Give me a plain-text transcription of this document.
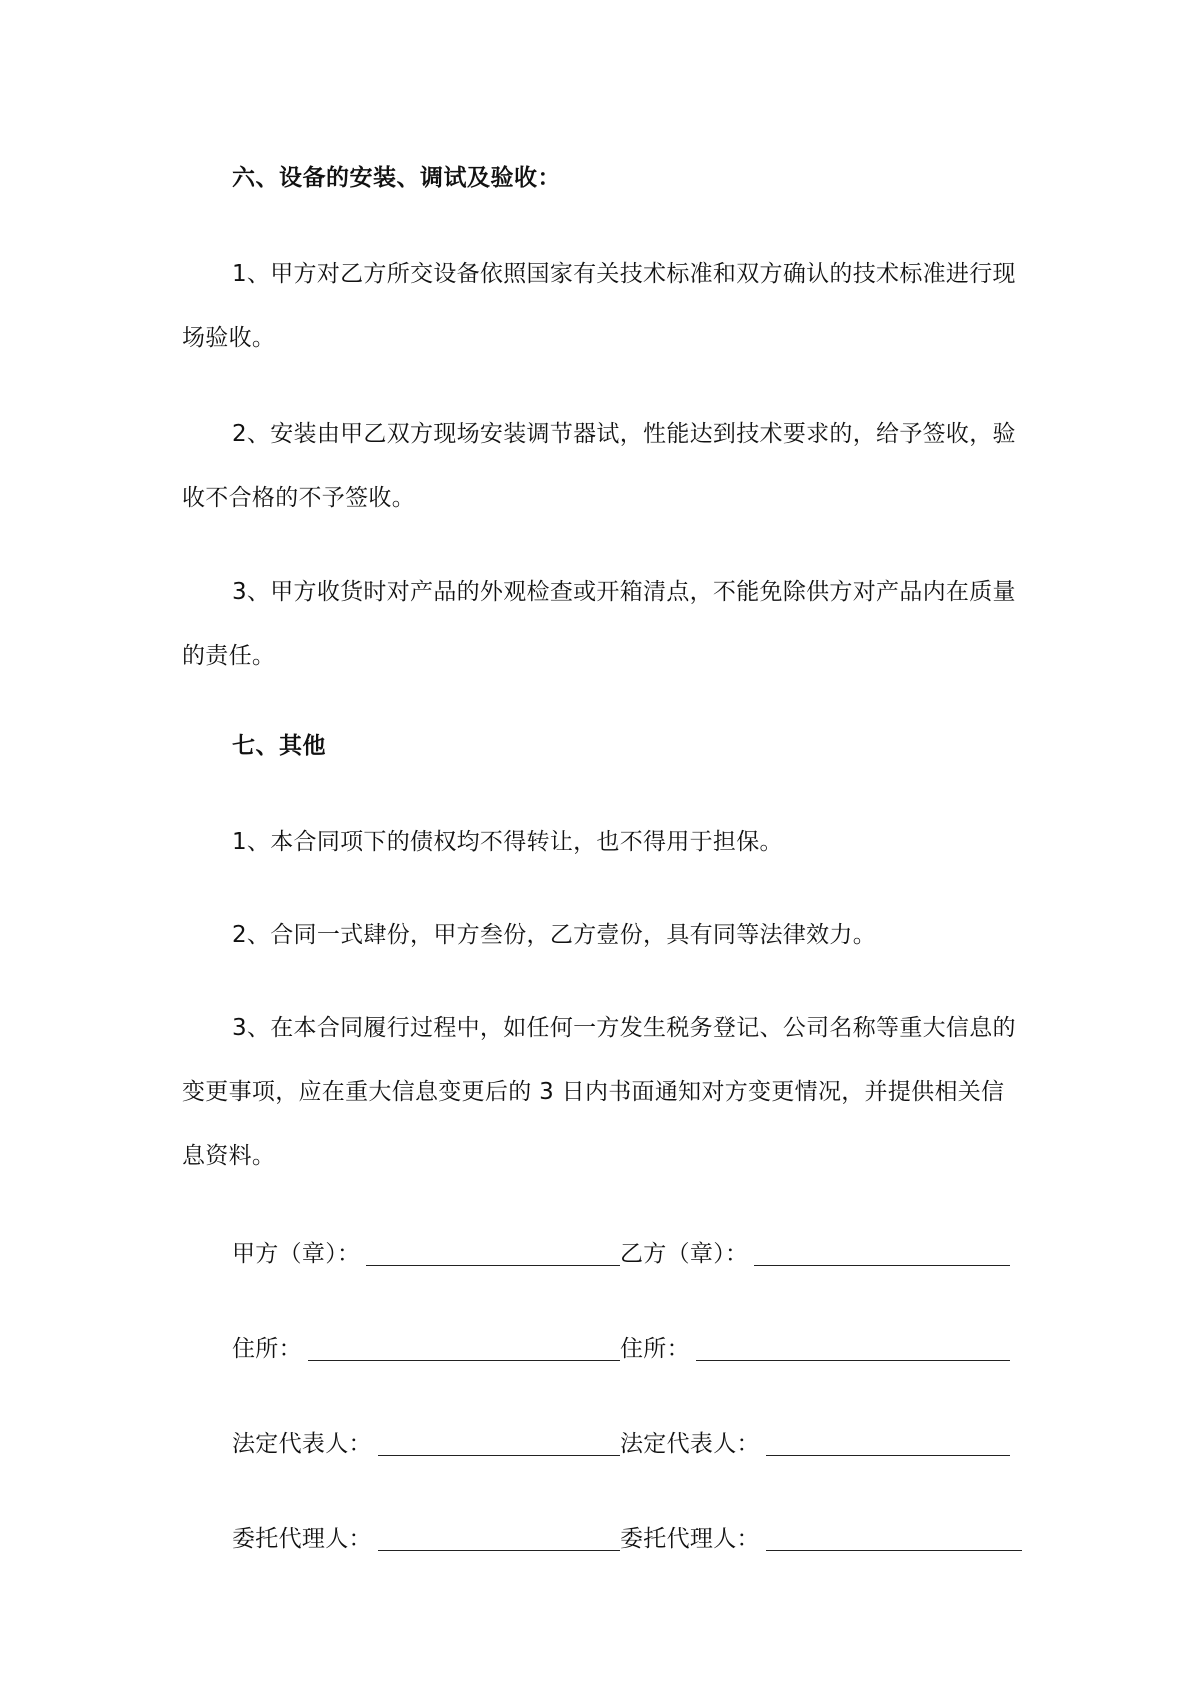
六、设备的安装、调试及验收：
1、甲方对乙方所交设备依照国家有关技术标准和双方确认的技术标准进行现场验收。
2、安装由甲乙双方现场安装调节器试，性能达到技术要求的，给予签收，验收不合格的不予签收。
3、甲方收货时对产品的外观检查或开箱清点，不能免除供方对产品内在质量的责任。
七、其他
1、本合同项下的债权均不得转让，也不得用于担保。
2、合同一式肆份，甲方叁份，乙方壹份，具有同等法律效力。
3、在本合同履行过程中，如任何一方发生税务登记、公司名称等重大信息的变更事项，应在重大信息变更后的 3 日内书面通知对方变更情况，并提供相关信息资料。
甲方（章）：	乙方（章）：
住所：	住所：
法定代表人：	法定代表人：
委托代理人：	委托代理人：
